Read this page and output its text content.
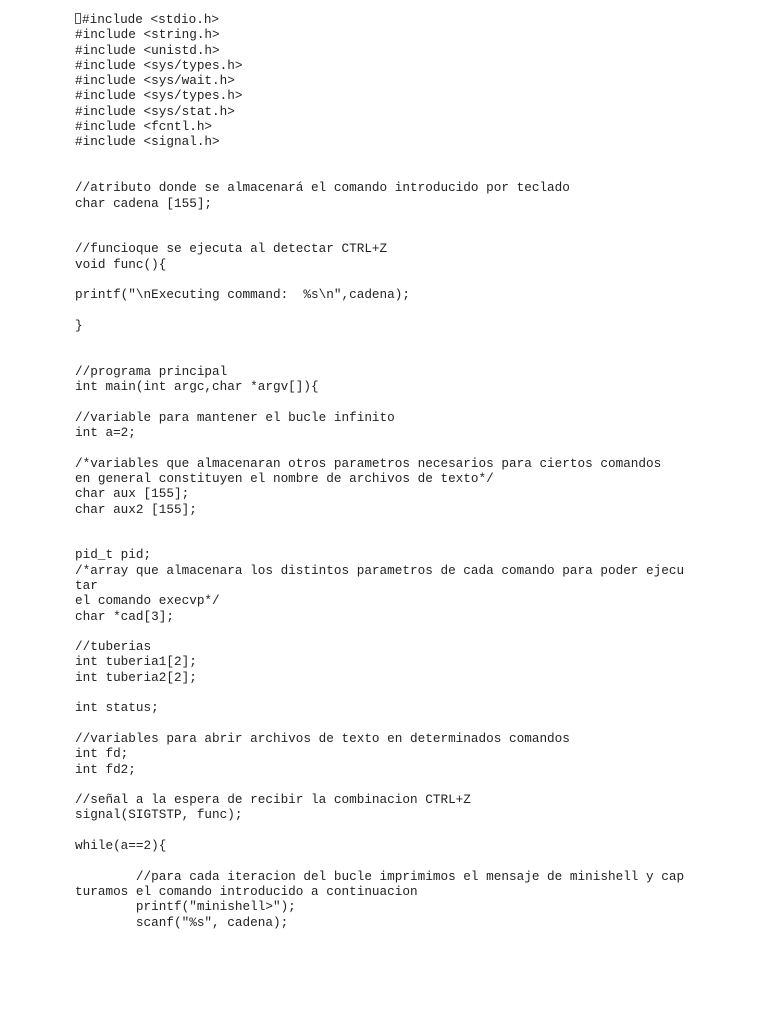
#include <stdio.h>
#include <string.h>
#include <unistd.h>
#include <sys/types.h>
#include <sys/wait.h>
#include <sys/types.h>
#include <sys/stat.h>
#include <fcntl.h>
#include <signal.h>
//atributo donde se almacenará el comando introducido por teclado
char cadena [155];
//funcioque se ejecuta al detectar CTRL+Z
void func(){
printf("\nExecuting command:  %s\n",cadena);
}
//programa principal
int main(int argc,char *argv[]){
//variable para mantener el bucle infinito
int a=2;
/*variables que almacenaran otros parametros necesarios para ciertos comandos
en general constituyen el nombre de archivos de texto*/
char aux [155];
char aux2 [155];
pid_t pid;
/*array que almacenara los distintos parametros de cada comando para poder ejecu
tar
el comando execvp*/
char *cad[3];
//tuberias
int tuberia1[2];
int tuberia2[2];
int status;
//variables para abrir archivos de texto en determinados comandos
int fd;
int fd2;
//señal a la espera de recibir la combinacion CTRL+Z
signal(SIGTSTP, func);
while(a==2){
//para cada iteracion del bucle imprimimos el mensaje de minishell y cap
turamos el comando introducido a continuacion
printf("minishell>");
scanf("%s", cadena);
